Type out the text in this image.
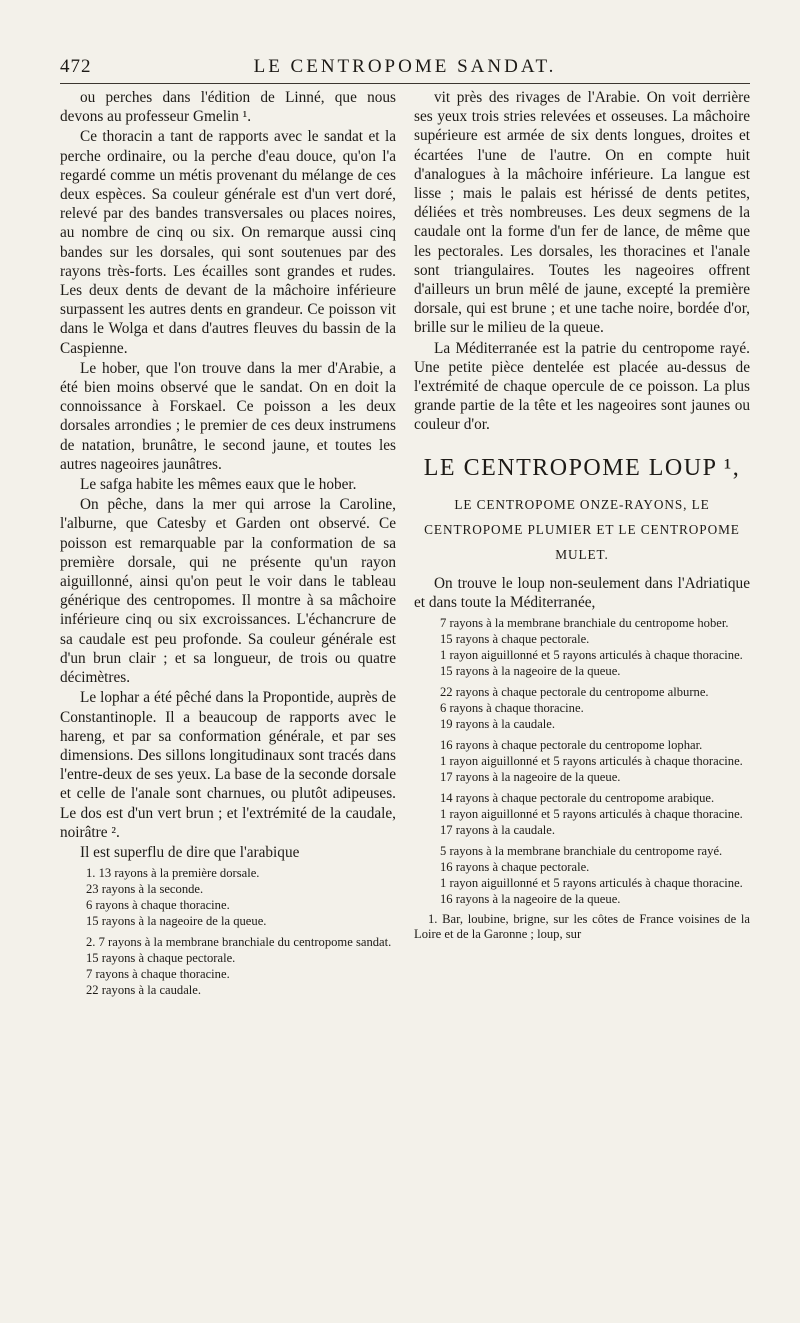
472	LE CENTROPOME SANDAT.

ou perches dans l'édition de Linné, que nous devons au professeur Gmelin ¹.

Ce thoracin a tant de rapports avec le sandat et la perche ordinaire, ou la perche d'eau douce, qu'on l'a regardé comme un métis provenant du mélange de ces deux espèces. Sa couleur générale est d'un vert doré, relevé par des bandes transversales ou places noires, au nombre de cinq ou six. On remarque aussi cinq bandes sur les dorsales, qui sont soutenues par des rayons très-forts. Les écailles sont grandes et rudes. Les deux dents de devant de la mâchoire inférieure surpassent les autres dents en grandeur. Ce poisson vit dans le Wolga et dans d'autres fleuves du bassin de la Caspienne.

Le hober, que l'on trouve dans la mer d'Arabie, a été bien moins observé que le sandat. On en doit la connoissance à Forskael. Ce poisson a les deux dorsales arrondies ; le premier de ces deux instrumens de natation, brunâtre, le second jaune, et toutes les autres nageoires jaunâtres.

Le safga habite les mêmes eaux que le hober.

On pêche, dans la mer qui arrose la Caroline, l'alburne, que Catesby et Garden ont observé. Ce poisson est remarquable par la conformation de sa première dorsale, qui ne présente qu'un rayon aiguillonné, ainsi qu'on peut le voir dans le tableau générique des centropomes. Il montre à sa mâchoire inférieure cinq ou six excroissances. L'échancrure de sa caudale est peu profonde. Sa couleur générale est d'un brun clair ; et sa longueur, de trois ou quatre décimètres.

Le lophar a été pêché dans la Propontide, auprès de Constantinople. Il a beaucoup de rapports avec le hareng, et par sa conformation générale, et par ses dimensions. Des sillons longitudinaux sont tracés dans l'entre-deux de ses yeux. La base de la seconde dorsale et celle de l'anale sont charnues, ou plutôt adipeuses. Le dos est d'un vert brun ; et l'extrémité de la caudale, noirâtre ².

Il est superflu de dire que l'arabique

1. 13 rayons à la première dorsale.

23 rayons à la seconde.

6 rayons à chaque thoracine.

15 rayons à la nageoire de la queue.

2. 7 rayons à la membrane branchiale du centropome sandat.

15 rayons à chaque pectorale.

7 rayons à chaque thoracine.

22 rayons à la caudale.

vit près des rivages de l'Arabie. On voit derrière ses yeux trois stries relevées et osseuses. La mâchoire supérieure est armée de six dents longues, droites et écartées l'une de l'autre. On en compte huit d'analogues à la mâchoire inférieure. La langue est lisse ; mais le palais est hérissé de dents petites, déliées et très nombreuses. Les deux segmens de la caudale ont la forme d'un fer de lance, de même que les pectorales. Les dorsales, les thoracines et l'anale sont triangulaires. Toutes les nageoires offrent d'ailleurs un brun mêlé de jaune, excepté la première dorsale, qui est brune ; et une tache noire, bordée d'or, brille sur le milieu de la queue.

La Méditerranée est la patrie du centropome rayé. Une petite pièce dentelée est placée au-dessus de l'extrémité de chaque opercule de ce poisson. La plus grande partie de la tête et les nageoires sont jaunes ou couleur d'or.

LE CENTROPOME LOUP ¹,
LE CENTROPOME ONZE-RAYONS, LE CENTROPOME PLUMIER ET LE CENTROPOME MULET.

On trouve le loup non-seulement dans l'Adriatique et dans toute la Méditerranée,

7 rayons à la membrane branchiale du centropome hober.

15 rayons à chaque pectorale.

1 rayon aiguillonné et 5 rayons articulés à chaque thoracine.

15 rayons à la nageoire de la queue.

22 rayons à chaque pectorale du centropome alburne.

6 rayons à chaque thoracine.

19 rayons à la caudale.

16 rayons à chaque pectorale du centropome lophar.

1 rayon aiguillonné et 5 rayons articulés à chaque thoracine.

17 rayons à la nageoire de la queue.

14 rayons à chaque pectorale du centropome arabique.

1 rayon aiguillonné et 5 rayons articulés à chaque thoracine.

17 rayons à la caudale.

5 rayons à la membrane branchiale du centropome rayé.

16 rayons à chaque pectorale.

1 rayon aiguillonné et 5 rayons articulés à chaque thoracine.

16 rayons à la nageoire de la queue.

1. Bar, loubine, brigne, sur les côtes de France voisines de la Loire et de la Garonne ; loup, sur
